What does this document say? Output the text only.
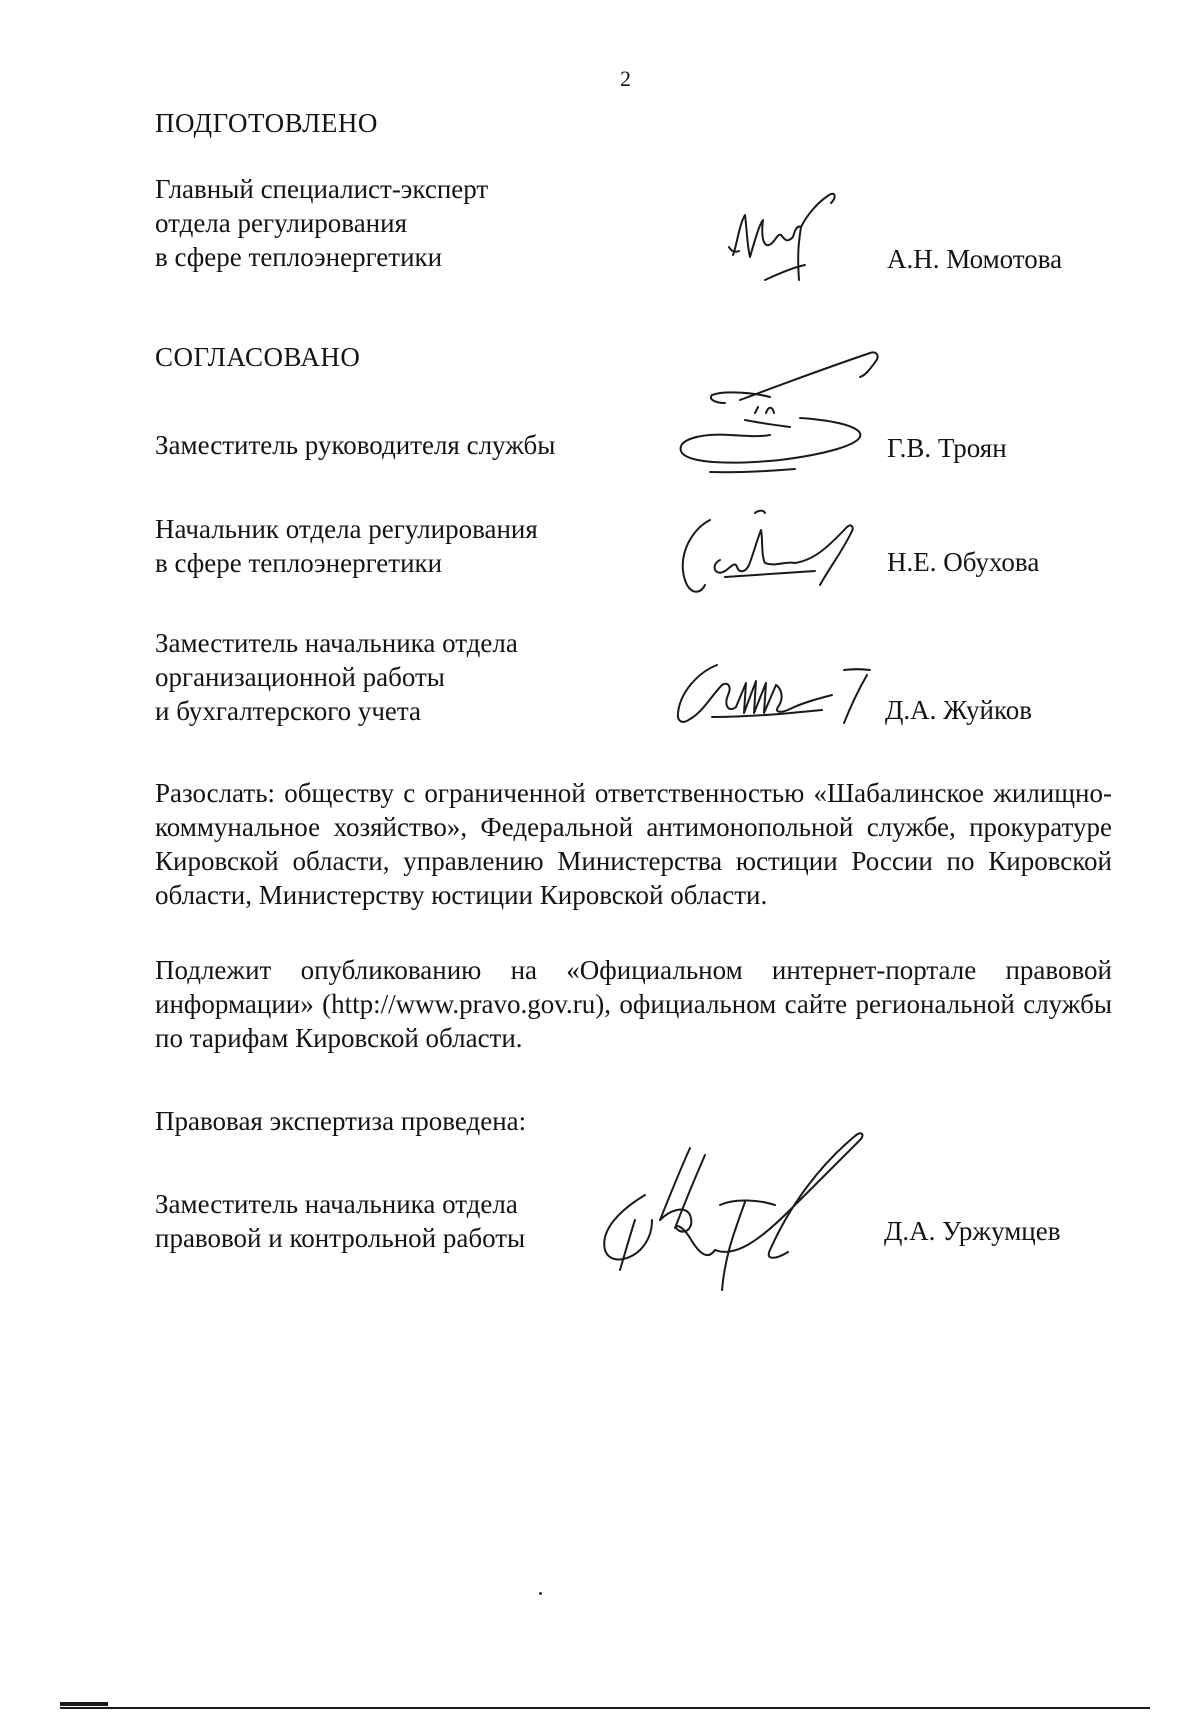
2
ПОДГОТОВЛЕНО
Главный специалист-эксперт
отдела регулирования
в сфере теплоэнергетики	А.Н. Момотова
СОГЛАСОВАНО
Заместитель руководителя службы	Г.В. Троян
Начальник отдела регулирования
в сфере теплоэнергетики	Н.Е. Обухова
Заместитель начальника отдела
организационной работы
и бухгалтерского учета	Д.А. Жуйков
Разослать: обществу с ограниченной ответственностью «Шабалинское жилищно-коммунальное хозяйство», Федеральной антимонопольной службе, прокуратуре Кировской области, управлению Министерства юстиции России по Кировской области, Министерству юстиции Кировской области.
Подлежит опубликованию на «Официальном интернет-портале правовой информации» (http://www.pravo.gov.ru), официальном сайте региональной службы по тарифам Кировской области.
Правовая экспертиза проведена:
Заместитель начальника отдела
правовой и контрольной работы	Д.А. Уржумцев
